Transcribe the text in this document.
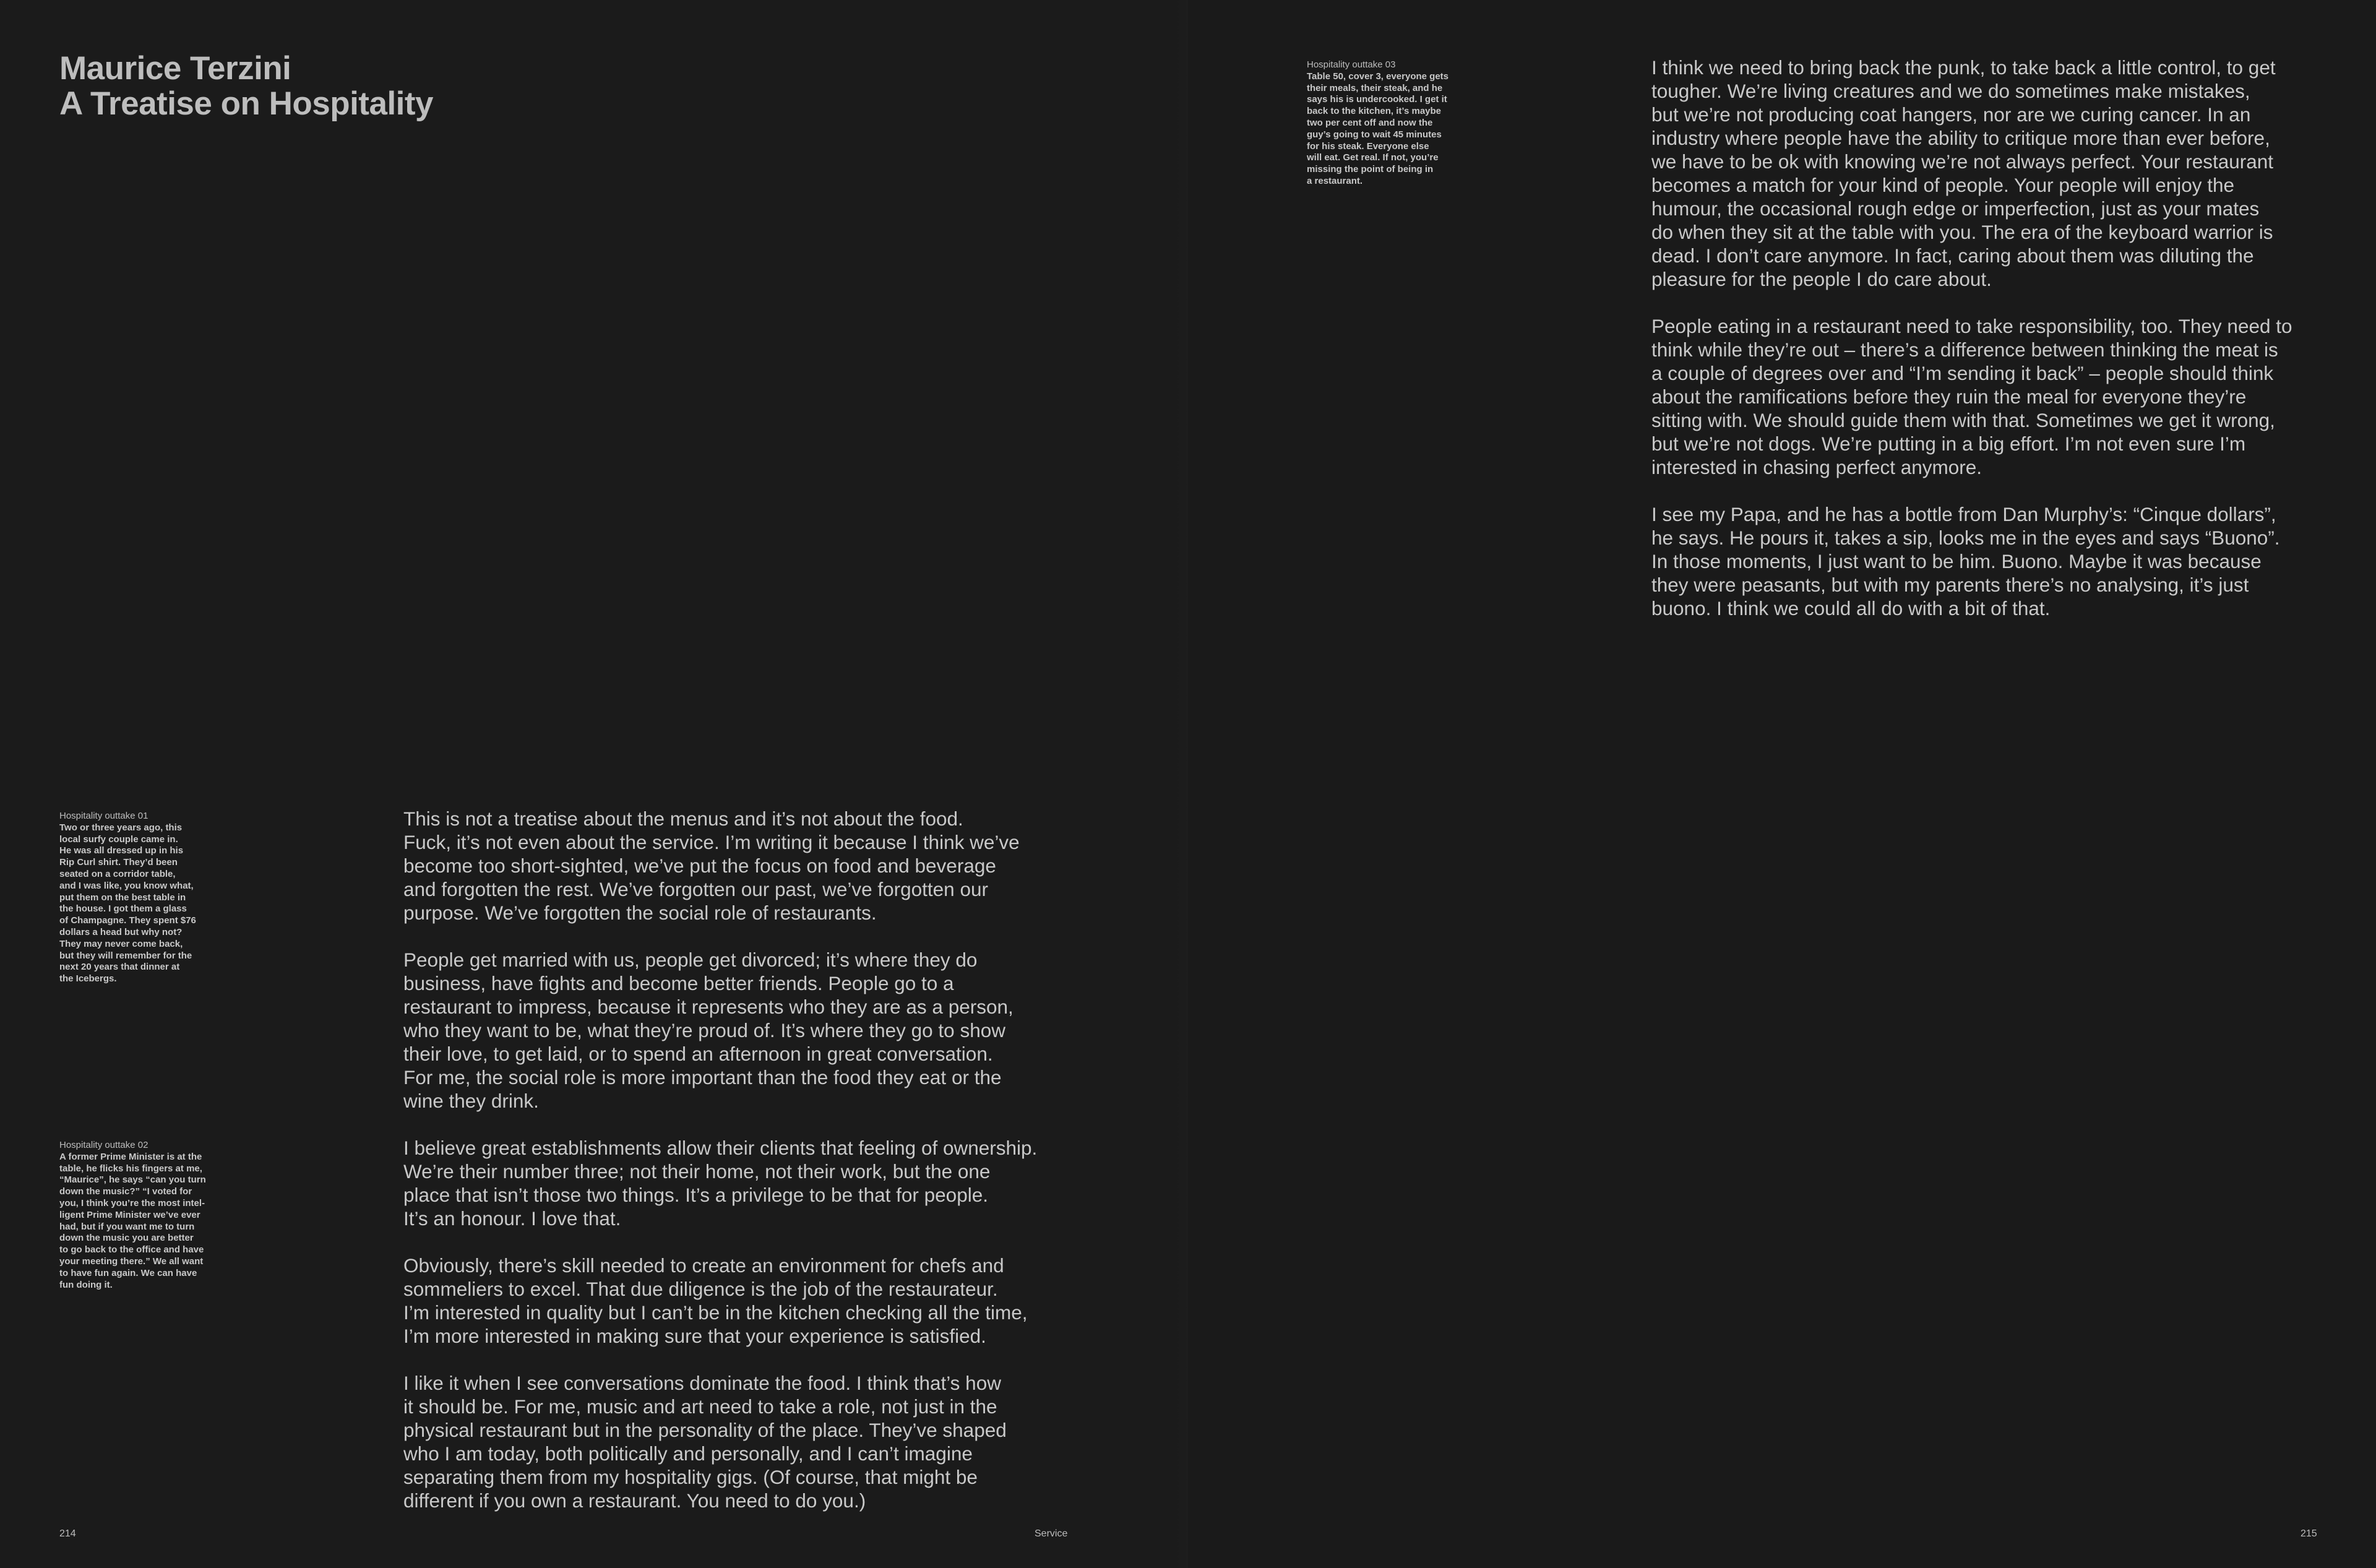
Maurice Terzini
A Treatise on Hospitality
Hospitality outtake 01
Two or three years ago, this
local surfy couple came in.
He was all dressed up in his
Rip Curl shirt. They’d been
seated on a corridor table,
and I was like, you know what,
put them on the best table in
the house. I got them a glass
of Champagne. They spent $76
dollars a head but why not?
They may never come back,
but they will remember for the
next 20 years that dinner at
the Icebergs.
Hospitality outtake 02
A former Prime Minister is at the
table, he flicks his fingers at me,
“Maurice”, he says “can you turn
down the music?” “I voted for
you, I think you’re the most intel-
ligent Prime Minister we’ve ever
had, but if you want me to turn
down the music you are better
to go back to the office and have
your meeting there.” We all want
to have fun again. We can have
fun doing it.

This is not a treatise about the menus and it’s not about the food.
Fuck, it’s not even about the service. I’m writing it because I think we’ve
become too short-sighted, we’ve put the focus on food and beverage
and forgotten the rest. We’ve forgotten our past, we’ve forgotten our
purpose. We’ve forgotten the social role of restaurants.

People get married with us, people get divorced; it’s where they do
business, have fights and become better friends. People go to a
restaurant to impress, because it represents who they are as a person,
who they want to be, what they’re proud of. It’s where they go to show
their love, to get laid, or to spend an afternoon in great conversation.
For me, the social role is more important than the food they eat or the
wine they drink.

I believe great establishments allow their clients that feeling of ownership.
We’re their number three; not their home, not their work, but the one
place that isn’t those two things. It’s a privilege to be that for people.
It’s an honour. I love that.

Obviously, there’s skill needed to create an environment for chefs and
sommeliers to excel. That due diligence is the job of the restaurateur.
I’m interested in quality but I can’t be in the kitchen checking all the time,
I’m more interested in making sure that your experience is satisfied.

I like it when I see conversations dominate the food. I think that’s how
it should be. For me, music and art need to take a role, not just in the
physical restaurant but in the personality of the place. They’ve shaped
who I am today, both politically and personally, and I can’t imagine
separating them from my hospitality gigs. (Of course, that might be
different if you own a restaurant. You need to do you.)

214	Service
Hospitality outtake 03
Table 50, cover 3, everyone gets
their meals, their steak, and he
says his is undercooked. I get it
back to the kitchen, it’s maybe
two per cent off and now the
guy’s going to wait 45 minutes
for his steak. Everyone else
will eat. Get real. If not, you’re
missing the point of being in
a restaurant.

I think we need to bring back the punk, to take back a little control, to get
tougher. We’re living creatures and we do sometimes make mistakes,
but we’re not producing coat hangers, nor are we curing cancer. In an
industry where people have the ability to critique more than ever before,
we have to be ok with knowing we’re not always perfect. Your restaurant
becomes a match for your kind of people. Your people will enjoy the
humour, the occasional rough edge or imperfection, just as your mates
do when they sit at the table with you. The era of the keyboard warrior is
dead. I don’t care anymore. In fact, caring about them was diluting the
pleasure for the people I do care about.

People eating in a restaurant need to take responsibility, too. They need to
think while they’re out – there’s a difference between thinking the meat is
a couple of degrees over and “I’m sending it back” – people should think
about the ramifications before they ruin the meal for everyone they’re
sitting with. We should guide them with that. Sometimes we get it wrong,
but we’re not dogs. We’re putting in a big effort. I’m not even sure I’m
interested in chasing perfect anymore.

I see my Papa, and he has a bottle from Dan Murphy’s: “Cinque dollars”,
he says. He pours it, takes a sip, looks me in the eyes and says “Buono”.
In those moments, I just want to be him. Buono. Maybe it was because
they were peasants, but with my parents there’s no analysing, it’s just
buono. I think we could all do with a bit of that.

215
